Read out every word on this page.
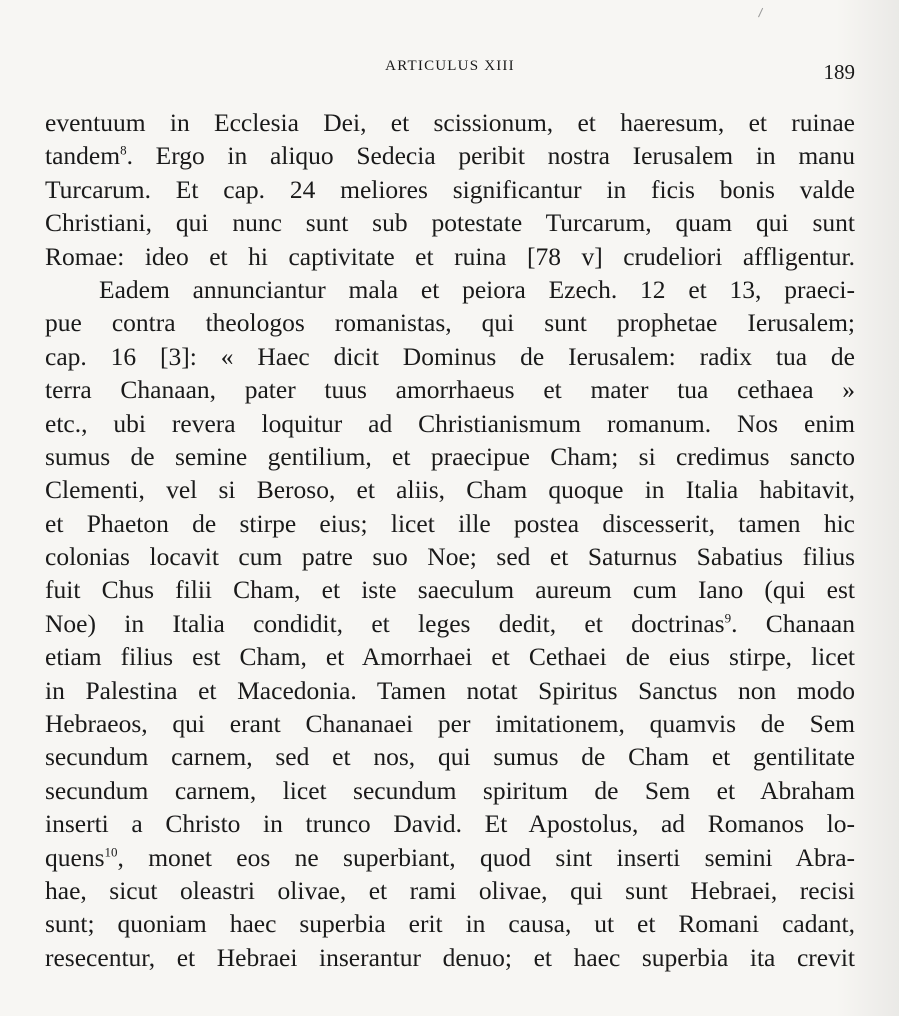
ARTICULUS XIII	189
eventuum in Ecclesia Dei, et scissionum, et haeresum, et ruinae
tandem$^8$. Ergo in aliquo Sedecia peribit nostra Ierusalem in manu
Turcarum. Et cap. 24 meliores significantur in ficis bonis valde
Christiani, qui nunc sunt sub potestate Turcarum, quam qui sunt
Romae: ideo et hi captivitate et ruina [78 v] crudeliori affligentur.
Eadem annunciantur mala et peiora Ezech. 12 et 13, praeci-
pue contra theologos romanistas, qui sunt prophetae Ierusalem;
cap. 16 [3]: « Haec dicit Dominus de Ierusalem: radix tua de
terra Chanaan, pater tuus amorrhaeus et mater tua cethaea »
etc., ubi revera loquitur ad Christianismum romanum. Nos enim
sumus de semine gentilium, et praecipue Cham; si credimus sancto
Clementi, vel si Beroso, et aliis, Cham quoque in Italia habitavit,
et Phaeton de stirpe eius; licet ille postea discesserit, tamen hic
colonias locavit cum patre suo Noe; sed et Saturnus Sabatius filius
fuit Chus filii Cham, et iste saeculum aureum cum Iano (qui est
Noe) in Italia condidit, et leges dedit, et doctrinas$^9$. Chanaan
etiam filius est Cham, et Amorrhaei et Cethaei de eius stirpe, licet
in Palestina et Macedonia. Tamen notat Spiritus Sanctus non modo
Hebraeos, qui erant Chananaei per imitationem, quamvis de Sem
secundum carnem, sed et nos, qui sumus de Cham et gentilitate
secundum carnem, licet secundum spiritum de Sem et Abraham
inserti a Christo in trunco David. Et Apostolus, ad Romanos lo-
quens$^{10}$, monet eos ne superbiant, quod sint inserti semini Abra-
hae, sicut oleastri olivae, et rami olivae, qui sunt Hebraei, recisi
sunt; quoniam haec superbia erit in causa, ut et Romani cadant,
resecentur, et Hebraei inserantur denuo; et haec superbia ita crevit
